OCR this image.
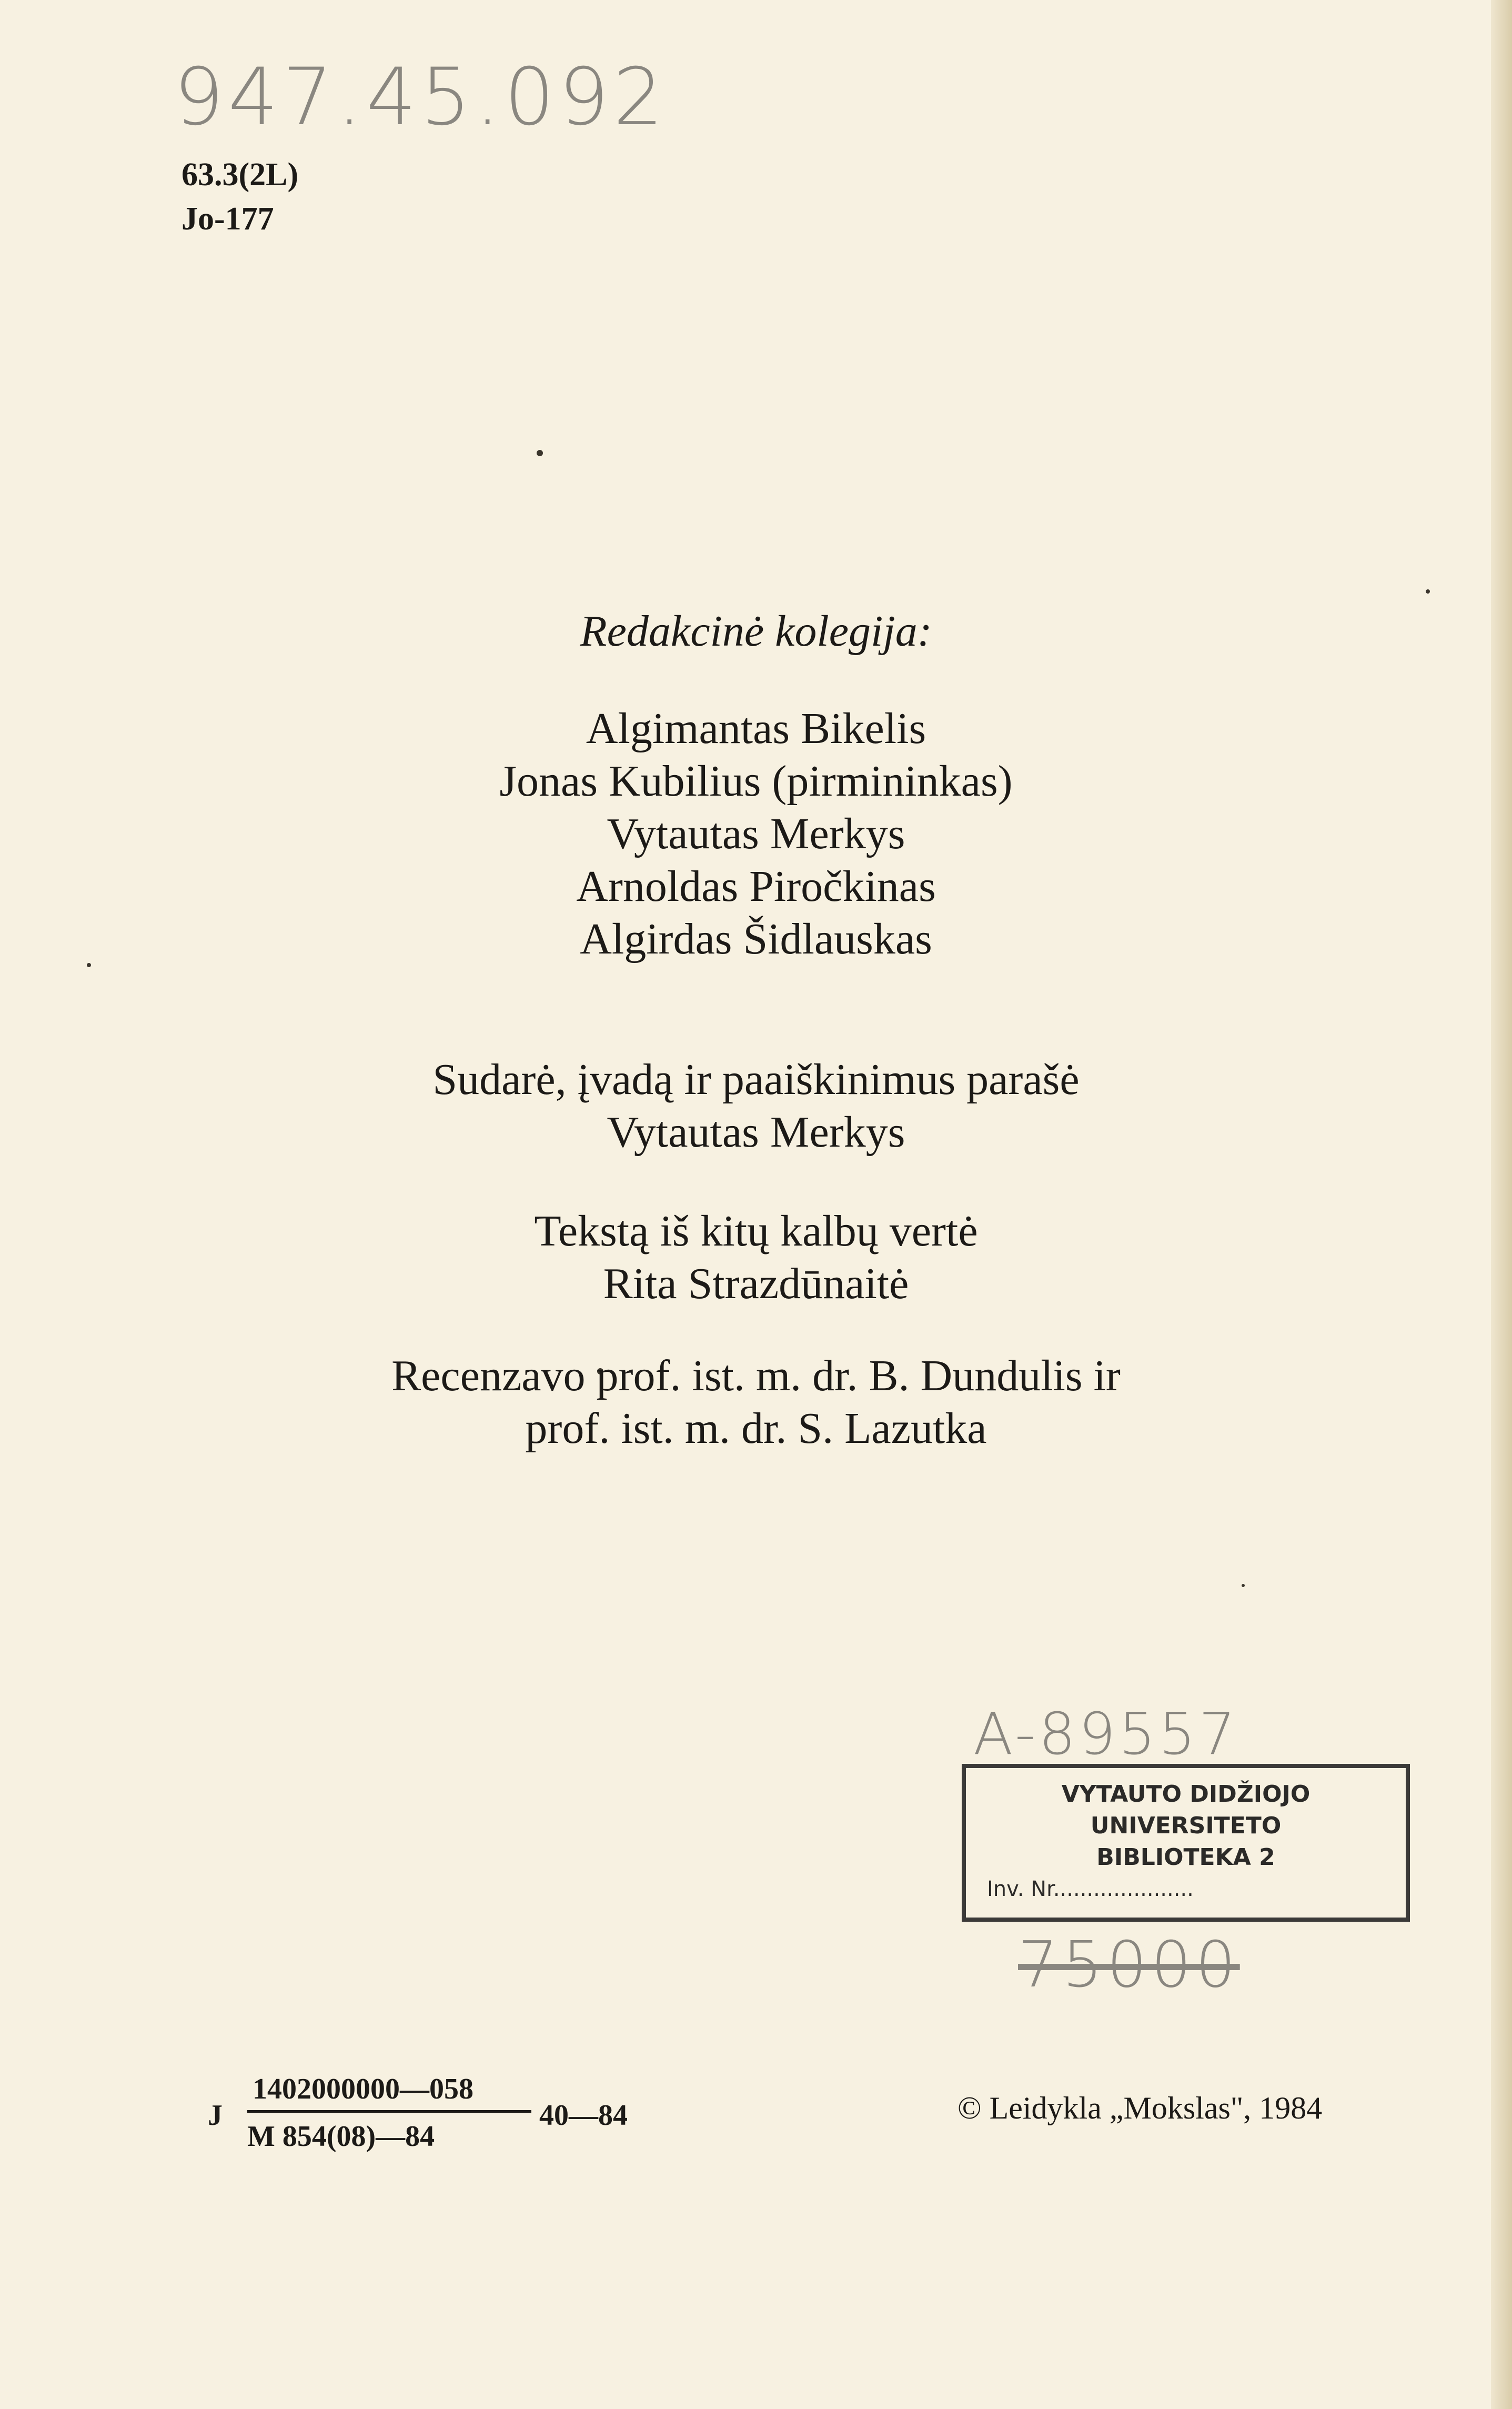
947.45.092
63.3(2L)
Jo-177
Redakcinė kolegija:
Algimantas Bikelis
Jonas Kubilius (pirmininkas)
Vytautas Merkys
Arnoldas Piročkinas
Algirdas Šidlauskas
Sudarė, įvadą ir paaiškinimus parašė
Vytautas Merkys
Tekstą iš kitų kalbų vertė
Rita Strazdūnaitė
Recenzavo prof. ist. m. dr. B. Dundulis ir
prof. ist. m. dr. S. Lazutka
A-89557
VYTAUTO DIDŽIOJO
UNIVERSITETO
BIBLIOTEKA 2
Inv. Nr.....................
75000
J
1402000000—058
M 854(08)—84
40—84	© Leidykla „Mokslas", 1984
